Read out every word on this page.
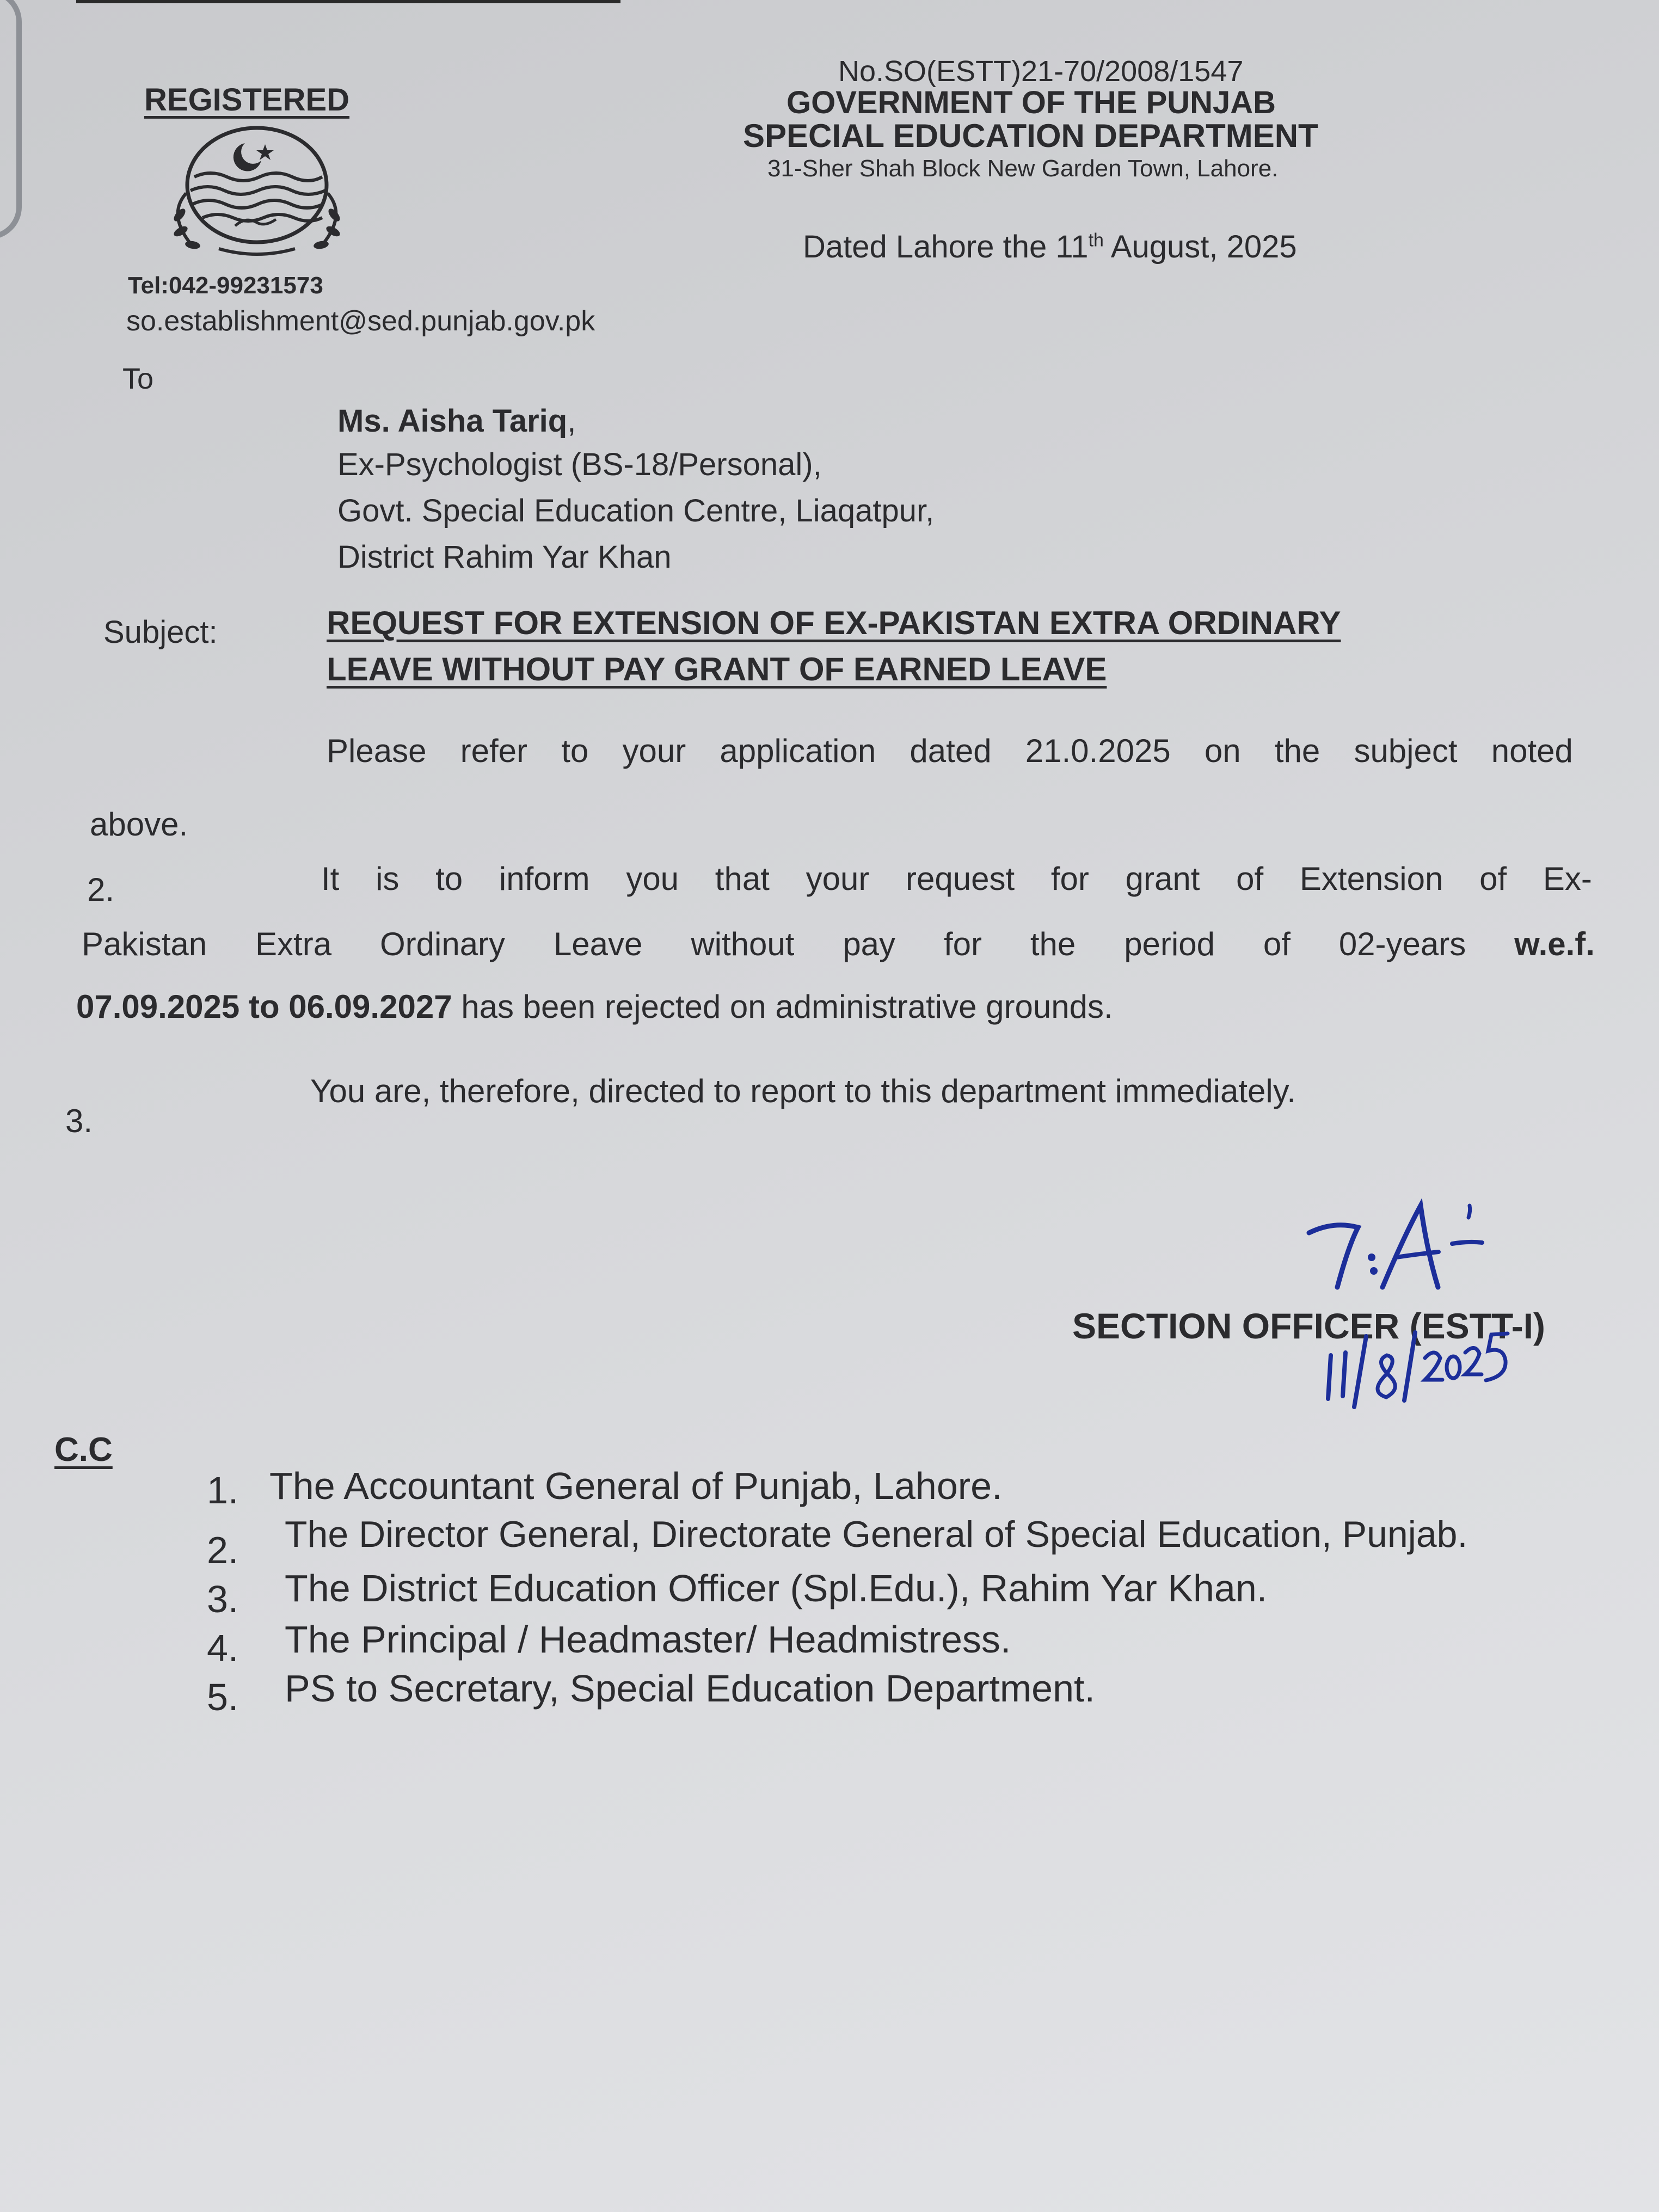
REGISTERED
Tel:042-99231573
so.establishment@sed.punjab.gov.pk
No.SO(ESTT)21-70/2008/1547
GOVERNMENT OF THE PUNJAB
SPECIAL EDUCATION DEPARTMENT
31-Sher Shah Block New Garden Town, Lahore.
Dated Lahore the 11th August, 2025
To
Ms. Aisha Tariq,
Ex-Psychologist (BS-18/Personal),
Govt. Special Education Centre, Liaqatpur,
District Rahim Yar Khan
Subject:	REQUEST FOR EXTENSION OF EX-PAKISTAN EXTRA ORDINARY
LEAVE WITHOUT PAY GRANT OF EARNED LEAVE
Please refer to your application dated 21.0.2025 on the subject noted
above.
2.	It is to inform you that your request for grant of Extension of Ex-
Pakistan Extra Ordinary Leave without pay for the period of 02-years w.e.f.
07.09.2025 to 06.09.2027 has been rejected on administrative grounds.
3.
You are, therefore, directed to report to this department immediately.
SECTION OFFICER (ESTT-I)
C.C
1. The Accountant General of Punjab, Lahore.
2. The Director General, Directorate General of Special Education, Punjab.
3. The District Education Officer (Spl.Edu.), Rahim Yar Khan.
4. The Principal / Headmaster/ Headmistress.
5. PS to Secretary, Special Education Department.
